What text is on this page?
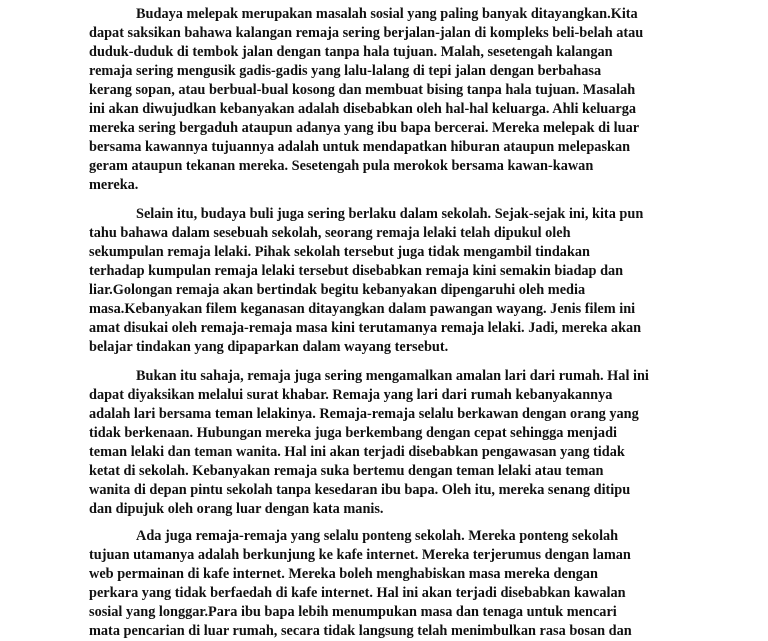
Budaya melepak merupakan masalah sosial yang paling banyak ditayangkan.Kita

dapat saksikan bahawa kalangan remaja sering berjalan-jalan di kompleks beli-belah atau

duduk-duduk di tembok jalan dengan tanpa hala tujuan. Malah, sesetengah kalangan

remaja sering mengusik gadis-gadis yang lalu-lalang di tepi jalan dengan berbahasa

kerang sopan, atau berbual-bual kosong dan membuat bising tanpa hala tujuan. Masalah

ini akan diwujudkan kebanyakan adalah disebabkan oleh hal-hal keluarga. Ahli keluarga

mereka sering bergaduh ataupun adanya yang ibu bapa bercerai. Mereka melepak di luar

bersama kawannya tujuannya adalah untuk mendapatkan hiburan ataupun melepaskan

geram ataupun tekanan mereka. Sesetengah pula merokok bersama kawan-kawan

mereka.

Selain itu, budaya buli juga sering berlaku dalam sekolah. Sejak-sejak ini, kita pun

tahu bahawa dalam sesebuah sekolah, seorang remaja lelaki telah dipukul oleh

sekumpulan remaja lelaki. Pihak sekolah tersebut juga tidak mengambil tindakan

terhadap kumpulan remaja lelaki tersebut disebabkan remaja kini semakin biadap dan

liar.Golongan remaja akan bertindak begitu kebanyakan dipengaruhi oleh media

masa.Kebanyakan filem keganasan ditayangkan dalam pawangan wayang. Jenis filem ini

amat disukai oleh remaja-remaja masa kini terutamanya remaja lelaki. Jadi, mereka akan

belajar tindakan yang dipaparkan dalam wayang tersebut.

Bukan itu sahaja, remaja juga sering mengamalkan amalan lari dari rumah. Hal ini

dapat diyaksikan melalui surat khabar. Remaja yang lari dari rumah kebanyakannya

adalah lari bersama teman lelakinya. Remaja-remaja selalu berkawan dengan orang yang

tidak berkenaan. Hubungan mereka juga berkembang dengan cepat sehingga menjadi

teman lelaki dan teman wanita. Hal ini akan terjadi disebabkan pengawasan yang tidak

ketat di sekolah. Kebanyakan remaja suka bertemu dengan teman lelaki atau teman

wanita di depan pintu sekolah tanpa kesedaran ibu bapa. Oleh itu, mereka senang ditipu

dan dipujuk oleh orang luar dengan kata manis.

Ada juga remaja-remaja yang selalu ponteng sekolah. Mereka ponteng sekolah

tujuan utamanya adalah berkunjung ke kafe internet. Mereka terjerumus dengan laman

web permainan di kafe internet. Mereka boleh menghabiskan masa mereka dengan

perkara yang tidak berfaedah di kafe internet. Hal ini akan terjadi disebabkan kawalan

sosial yang longgar.Para ibu bapa lebih menumpukan masa dan tenaga untuk mencari

mata pencarian di luar rumah, secara tidak langsung telah menimbulkan rasa bosan dan
